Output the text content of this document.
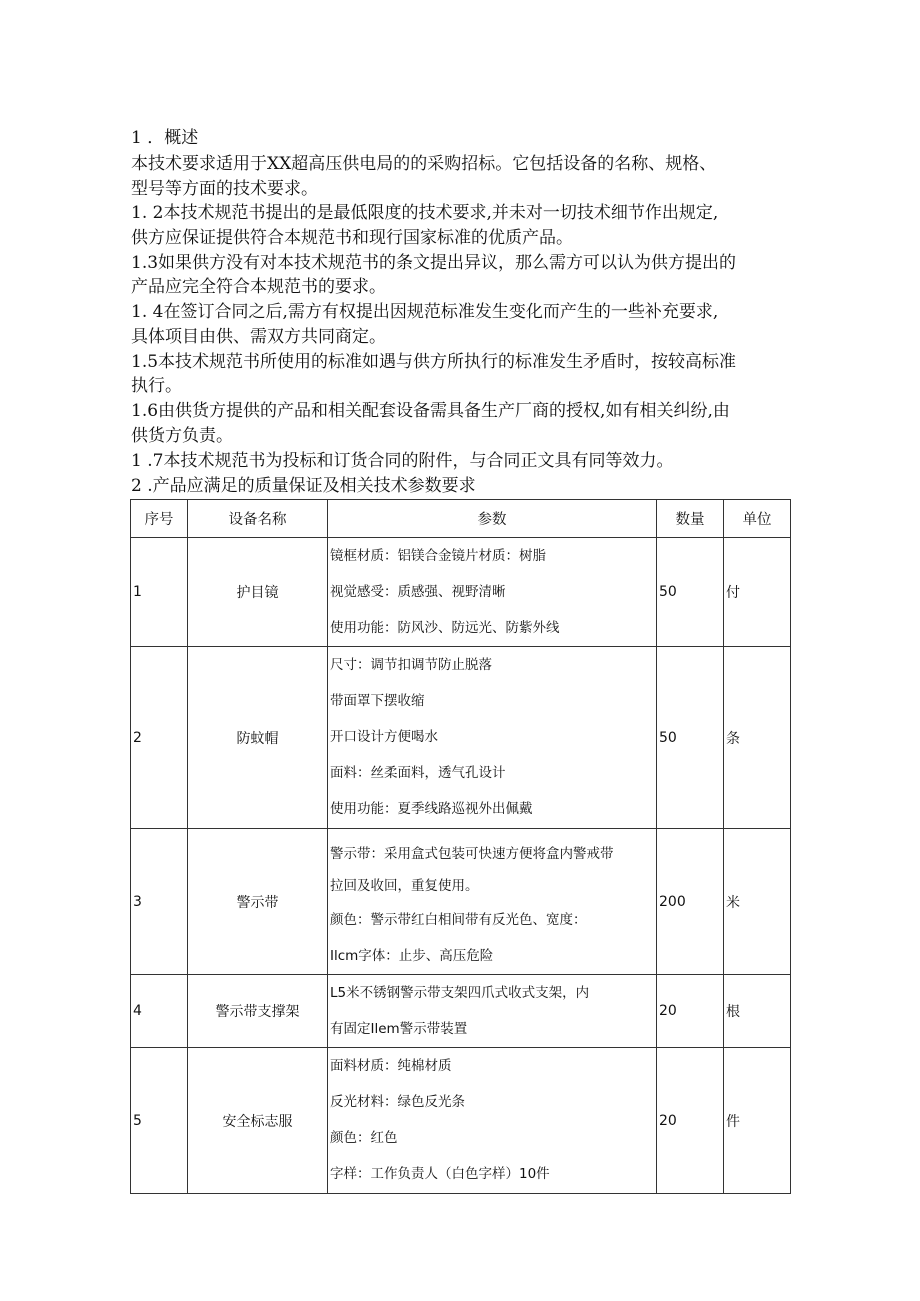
1 ．概述
本技术要求适用于XX超高压供电局的的采购招标。它包括设备的名称、规格、
型号等方面的技术要求。
1. 2本技术规范书提出的是最低限度的技术要求,并未对一切技术细节作出规定,
供方应保证提供符合本规范书和现行国家标准的优质产品。
1.3如果供方没有对本技术规范书的条文提出异议，那么需方可以认为供方提出的
产品应完全符合本规范书的要求。
1. 4在签订合同之后,需方有权提出因规范标准发生变化而产生的一些补充要求,
具体项目由供、需双方共同商定。
1.5本技术规范书所使用的标准如遇与供方所执行的标准发生矛盾时，按较高标准
执行。
1.6由供货方提供的产品和相关配套设备需具备生产厂商的授权,如有相关纠纷,由
供货方负责。
1 .7本技术规范书为投标和订货合同的附件，与合同正文具有同等效力。
2 .产品应满足的质量保证及相关技术参数要求
序号	设备名称	参数	数量	单位
1	护目镜	镜框材质：铝镁合金镜片材质：树脂
视觉感受：质感强、视野清晰
使用功能：防风沙、防远光、防紫外线	50	付
2	防蚊帽	尺寸：调节扣调节防止脱落
带面罩下摆收缩
开口设计方便喝水
面料：丝柔面料，透气孔设计
使用功能：夏季线路巡视外出佩戴	50	条
3	警示带	警示带：采用盒式包装可快速方便将盒内警戒带
拉回及收回，重复使用。
颜色：警示带红白相间带有反光色、宽度：
Ilcm字体：止步、高压危险	200	米
4	警示带支撑架	L5米不锈钢警示带支架四爪式收式支架，内
有固定Ilem警示带装置	20	根
5	安全标志服	面料材质：纯棉材质
反光材料：绿色反光条
颜色：红色
字样：工作负责人（白色字样）10件	20	件
